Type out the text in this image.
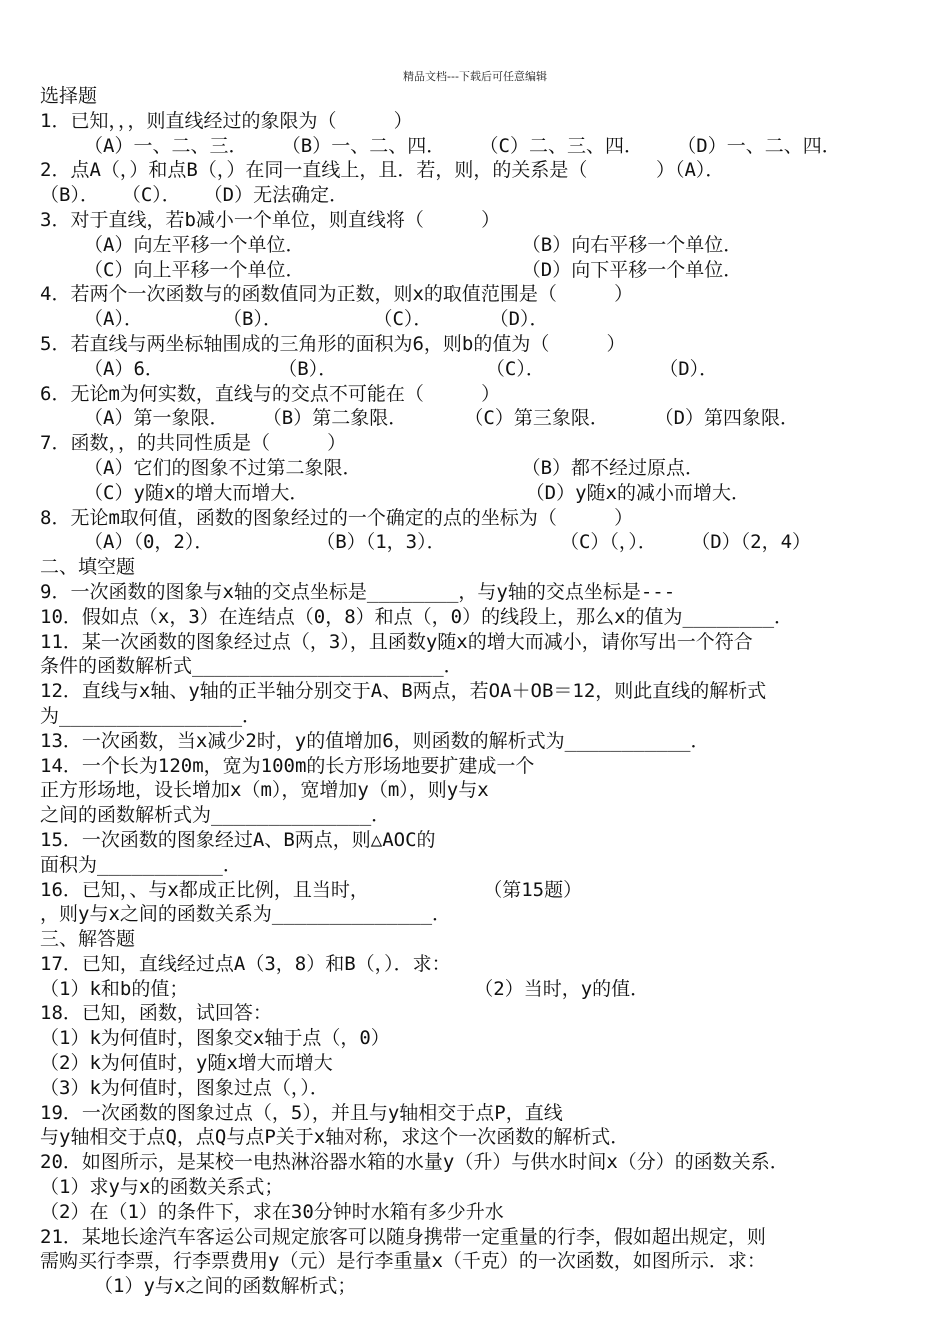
精品文档---下载后可任意编辑
选择题
1．已知，，，则直线经过的象限为（     ）
（A）一、二、三．   （B）一、二、四．   （C）二、三、四．   （D）一、二、四．
2．点A（，）和点B（，）在同一直线上，且．若，则，的关系是（      ）（A）．
（B）．  （C）．  （D）无法确定．
3．对于直线，若b减小一个单位，则直线将（     ）
（A）向左平移一个单位．                   （B）向右平移一个单位．
（C）向上平移一个单位．                   （D）向下平移一个单位．
4．若两个一次函数与的函数值同为正数，则x的取值范围是（     ）
（A）．       （B）．        （C）．     （D）．
5．若直线与两坐标轴围成的三角形的面积为6，则b的值为（     ）
（A）6．          （B）．             （C）．          （D）．
6．无论m为何实数，直线与的交点不可能在（     ）
（A）第一象限．   （B）第二象限．     （C）第三象限．    （D）第四象限．
7．函数，，的共同性质是（     ）
（A）它们的图象不过第二象限．              （B）都不经过原点．
（C）y随x的增大而增大．                   （D）y随x的减小而增大．
8．无论m取何值，函数的图象经过的一个确定的点的坐标为（     ）
（A）（0，2）．         （B）（1，3）．          （C）（，）．   （D）（2，4）
二、填空题
9．一次函数的图象与x轴的交点坐标是________，与y轴的交点坐标是---
10．假如点（x，3）在连结点（0，8）和点（，0）的线段上，那么x的值为________．
11．某一次函数的图象经过点（，3），且函数y随x的增大而减小，请你写出一个符合
条件的函数解析式______________________．
12．直线与x轴、y轴的正半轴分别交于A、B两点，若OA＋OB＝12，则此直线的解析式
为________________．
13．一次函数，当x减少2时，y的值增加6，则函数的解析式为___________．
14．一个长为120m，宽为100m的长方形场地要扩建成一个
正方形场地，设长增加x（m），宽增加y（m），则y与x
之间的函数解析式为______________．
15．一次函数的图象经过A、B两点，则△AOC的
面积为___________．
16．已知，、与x都成正比例，且当时，          （第15题）
，则y与x之间的函数关系为______________．
三、解答题
17．已知，直线经过点A（3，8）和B（，）．求：
（1）k和b的值；                         （2）当时，y的值．
18．已知，函数，试回答：
（1）k为何值时，图象交x轴于点（，0）
（2）k为何值时，y随x增大而增大
（3）k为何值时，图象过点（，）．
19．一次函数的图象过点（，5），并且与y轴相交于点P，直线
与y轴相交于点Q，点Q与点P关于x轴对称，求这个一次函数的解析式．
20．如图所示，是某校一电热淋浴器水箱的水量y（升）与供水时间x（分）的函数关系．
（1）求y与x的函数关系式；
（2）在（1）的条件下，求在30分钟时水箱有多少升水
21．某地长途汽车客运公司规定旅客可以随身携带一定重量的行李，假如超出规定，则
需购买行李票，行李票费用y（元）是行李重量x（千克）的一次函数，如图所示．求：
（1）y与x之间的函数解析式；
